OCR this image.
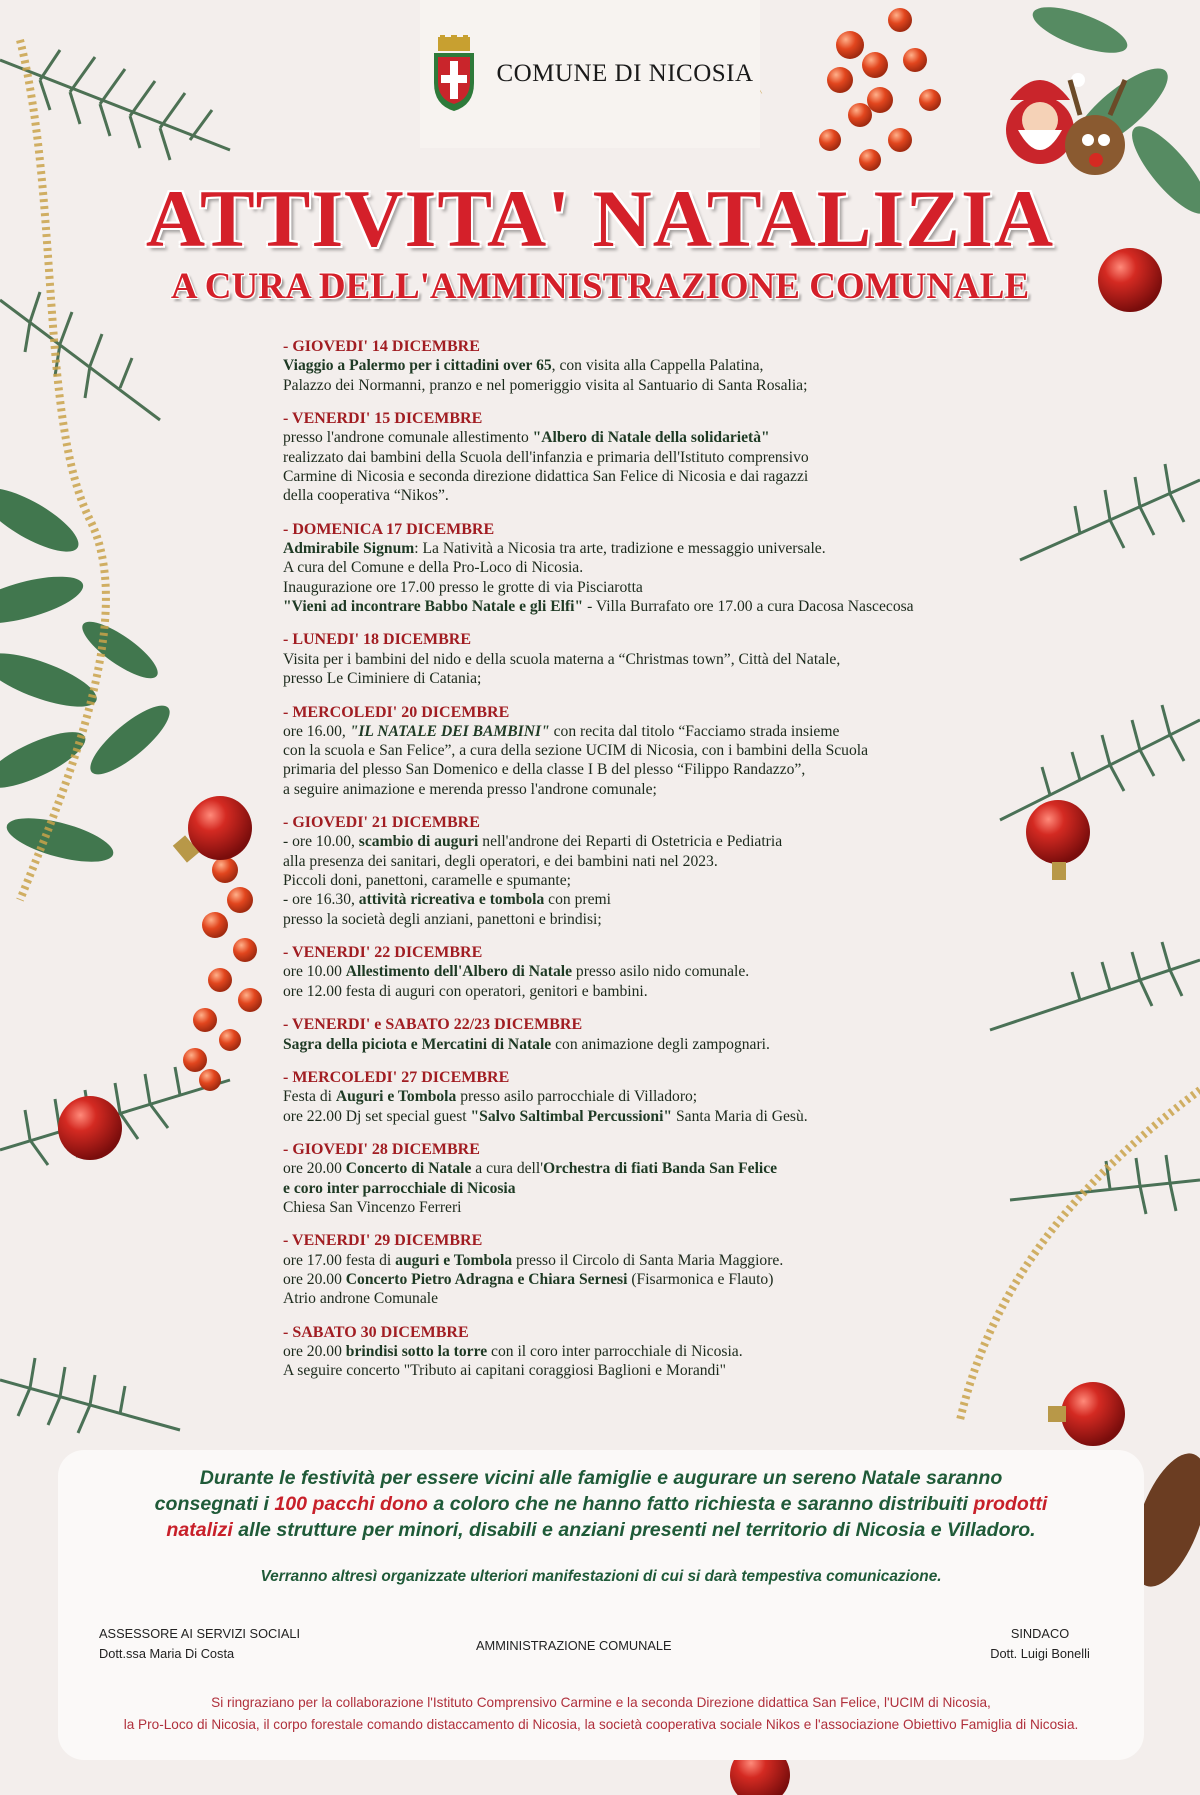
COMUNE DI NICOSIA
ATTIVITA' NATALIZIA
A CURA DELL'AMMINISTRAZIONE COMUNALE
- GIOVEDI' 14 DICEMBRE
Viaggio a Palermo per i cittadini over 65, con visita alla Cappella Palatina,
Palazzo dei Normanni, pranzo e nel pomeriggio visita al Santuario di Santa Rosalia;
- VENERDI' 15 DICEMBRE
presso l'androne comunale allestimento "Albero di Natale della solidarietà"
realizzato dai bambini della Scuola dell'infanzia e primaria dell'Istituto comprensivo
Carmine di Nicosia e seconda direzione didattica San Felice di Nicosia e dai ragazzi
della cooperativa “Nikos”.
- DOMENICA 17 DICEMBRE
Admirabile Signum: La Natività a Nicosia tra arte, tradizione e messaggio universale.
A cura del Comune e della Pro-Loco di Nicosia.
Inaugurazione ore 17.00 presso le grotte di via Pisciarotta
"Vieni ad incontrare Babbo Natale e gli Elfi" - Villa Burrafato ore 17.00 a cura Dacosa Nascecosa
- LUNEDI' 18 DICEMBRE
Visita per i bambini del nido e della scuola materna a “Christmas town”, Città del Natale,
presso Le Ciminiere di Catania;
- MERCOLEDI' 20 DICEMBRE
ore 16.00, "IL NATALE DEI BAMBINI" con recita dal titolo “Facciamo strada insieme
con la scuola e San Felice”, a cura della sezione UCIM di Nicosia, con i bambini della Scuola
primaria del plesso San Domenico e della classe I B del plesso “Filippo Randazzo”,
a seguire animazione e merenda presso l'androne comunale;
- GIOVEDI' 21 DICEMBRE
- ore 10.00, scambio di auguri nell'androne dei Reparti di Ostetricia e Pediatria
alla presenza dei sanitari, degli operatori, e dei bambini nati nel 2023.
Piccoli doni, panettoni, caramelle e spumante;
- ore 16.30, attività ricreativa e tombola con premi
presso la società degli anziani, panettoni e brindisi;
- VENERDI' 22 DICEMBRE
ore 10.00 Allestimento dell'Albero di Natale presso asilo nido comunale.
ore 12.00 festa di auguri con operatori, genitori e bambini.
- VENERDI' e SABATO 22/23 DICEMBRE
Sagra della piciota e Mercatini di Natale con animazione degli zampognari.
- MERCOLEDI' 27 DICEMBRE
Festa di Auguri e Tombola presso asilo parrocchiale di Villadoro;
ore 22.00 Dj set special guest "Salvo Saltimbal Percussioni" Santa Maria di Gesù.
- GIOVEDI' 28 DICEMBRE
ore 20.00 Concerto di Natale a cura dell'Orchestra di fiati Banda San Felice
e coro inter parrocchiale di Nicosia
Chiesa San Vincenzo Ferreri
- VENERDI' 29 DICEMBRE
ore 17.00 festa di auguri e Tombola presso il Circolo di Santa Maria Maggiore.
ore 20.00 Concerto Pietro Adragna e Chiara Sernesi (Fisarmonica e Flauto)
Atrio androne Comunale
- SABATO 30 DICEMBRE
ore 20.00 brindisi sotto la torre con il coro inter parrocchiale di Nicosia.
A seguire concerto "Tributo ai capitani coraggiosi Baglioni e Morandi"
Durante le festività per essere vicini alle famiglie e augurare un sereno Natale saranno
consegnati i 100 pacchi dono a coloro che ne hanno fatto richiesta e saranno distribuiti prodotti
natalizi alle strutture per minori, disabili e anziani presenti nel territorio di Nicosia e Villadoro.
Verranno altresì organizzate ulteriori manifestazioni di cui si darà tempestiva comunicazione.
ASSESSORE AI SERVIZI SOCIALI
Dott.ssa Maria Di Costa
AMMINISTRAZIONE COMUNALE
SINDACO
Dott. Luigi Bonelli
Si ringraziano per la collaborazione l'Istituto Comprensivo Carmine e la seconda Direzione didattica San Felice, l'UCIM di Nicosia,
la Pro-Loco di Nicosia, il corpo forestale comando distaccamento di Nicosia, la società cooperativa sociale Nikos e l'associazione Obiettivo Famiglia di Nicosia.
